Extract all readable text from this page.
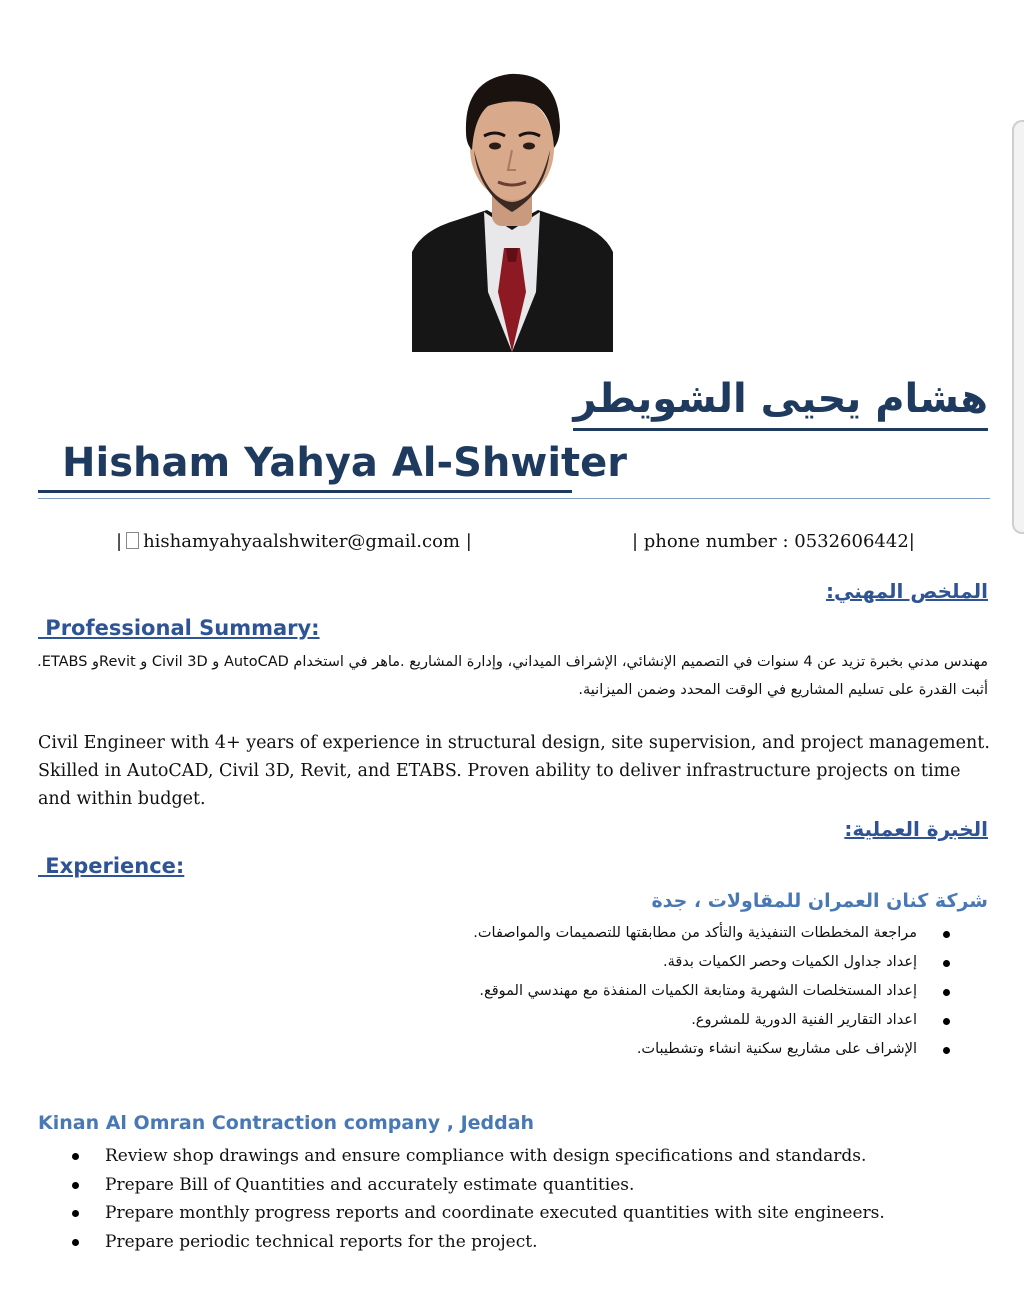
هشام يحيى الشويطر
Hisham Yahya Al-Shwiter
| hishamyahyaalshwiter@gmail.com |	| phone number : 0532606442|
الملخص المهني:
Professional Summary:
مهندس مدني بخبرة تزيد عن 4 سنوات في التصميم الإنشائي، الإشراف الميداني، وإدارة المشاريع .ماهر في استخدام AutoCAD و Civil 3D و Revitو ETABS. أثبت القدرة على تسليم المشاريع في الوقت المحدد وضمن الميزانية.
Civil Engineer with 4+ years of experience in structural design, site supervision, and project management. Skilled in AutoCAD, Civil 3D, Revit, and ETABS. Proven ability to deliver infrastructure projects on time and within budget.
الخبرة العملية:
Experience:
شركة كنان العمران للمقاولات ، جدة
مراجعة المخططات التنفيذية والتأكد من مطابقتها للتصميمات والمواصفات.
إعداد جداول الكميات وحصر الكميات بدقة.
إعداد المستخلصات الشهرية ومتابعة الكميات المنفذة مع مهندسي الموقع.
اعداد التقارير الفنية الدورية للمشروع.
الإشراف على مشاريع سكنية انشاء وتشطيبات.
Kinan Al Omran Contraction company , Jeddah
Review shop drawings and ensure compliance with design specifications and standards.
Prepare Bill of Quantities and accurately estimate quantities.
Prepare monthly progress reports and coordinate executed quantities with site engineers.
Prepare periodic technical reports for the project.
